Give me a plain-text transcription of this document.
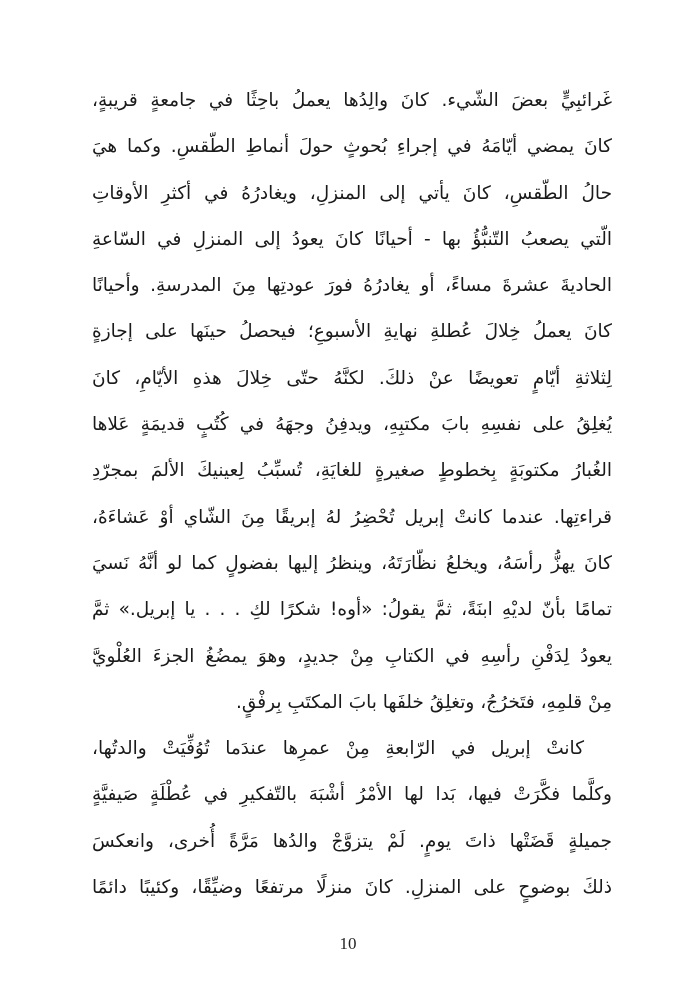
غَرائبِيٍّ بعضَ الشّيء. كانَ والِدُها يعملُ باحِثًا في جامعةٍ قريبةٍ،
كانَ يمضي أيّامَهُ في إجراءِ بُحوثٍ حولَ أنماطِ الطّقسِ. وكما هيَ
حالُ الطّقسِ، كانَ يأتي إلى المنزلِ، ويغادرُهُ في أكثرِ الأوقاتِ
الّتي يصعبُ التّنبُّؤُ بها - أحيانًا كانَ يعودُ إلى المنزلِ في السّاعةِ
الحاديةَ عشرةَ مساءً، أو يغادرُهُ فورَ عودتِها مِنَ المدرسةِ. وأحيانًا
كانَ يعملُ خِلالَ عُطلةِ نهايةِ الأسبوعِ؛ فيحصلُ حينَها على إجازةٍ
لِثلاثةِ أيّامٍ تعويضًا عنْ ذلكَ. لكنَّهُ حتّى خِلالَ هذهِ الأيّامِ، كانَ
يُغلِقُ على نفسِهِ بابَ مكتبِهِ، ويدفِنُ وجهَهُ في كُتُبٍ قديمَةٍ عَلاها
الغُبارُ مكتوبَةٍ بِخطوطٍ صغيرةٍ للغايَةِ، تُسبِّبُ لِعينيكَ الألمَ بمجرّدِ
قراءتِها. عندما كانتْ إبريل تُحْضِرُ لهُ إبريقًا مِنَ الشّاي أوْ عَشاءَهُ،
كانَ يهزُّ رأسَهُ، ويخلعُ نظّارَتَهُ، وينظرُ إليها بفضولٍ كما لو أنَّهُ نَسيَ
تمامًا بأنّ لديْهِ ابنَةً، ثمَّ يقولُ: «أوه! شكرًا لكِ . . . يا إبريل.» ثمَّ
يعودُ لِدَفْنِ رأسِهِ في الكتابِ مِنْ جديدٍ، وهوَ يمضُغُ الجزءَ العُلْويَّ
مِنْ قلمِهِ، فتَخرُجُ، وتغلِقُ خلفَها بابَ المكتَبِ بِرفْقٍ.
كانتْ إبريل في الرّابعةِ مِنْ عمرِها عندَما تُوُفِّيَتْ والدتُها،
وكلَّما فكَّرَتْ فيها، بَدا لها الأمْرُ أشْبَهَ بالتّفكيرِ في عُطْلَةٍ صَيفيَّةٍ
جميلةٍ قَضَتْها ذاتَ يومٍ. لَمْ يتزوَّجْ والدُها مَرَّةً أُخرى، وانعكسَ
ذلكَ بوضوحٍ على المنزلِ. كانَ منزلًا مرتفعًا وضيِّقًا، وكئيبًا دائمًا
10
